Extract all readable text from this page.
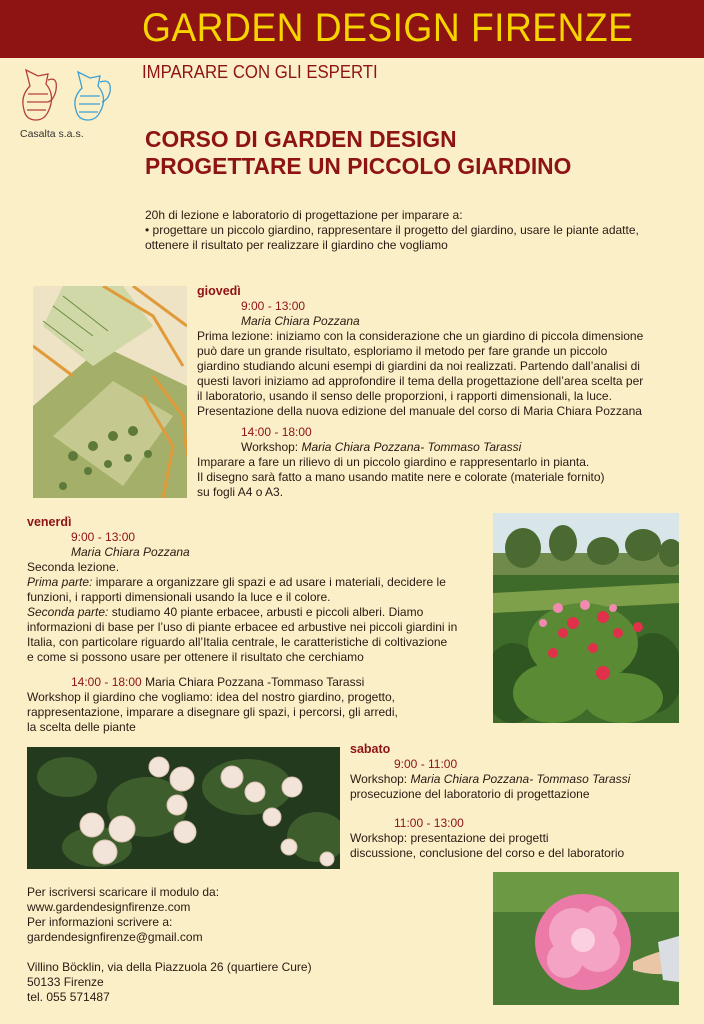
GARDEN DESIGN FIRENZE
IMPARARE CON GLI ESPERTI
Casalta s.a.s.	CORSO DI GARDEN DESIGN
PROGETTARE UN PICCOLO GIARDINO

20h di lezione e laboratorio di progettazione per imparare a:

• progettare un piccolo giardino, rappresentare il progetto del giardino, usare le piante adatte,

ottenere il risultato per realizzare il giardino che vogliamo

giovedì

9:00 - 13:00

Maria Chiara Pozzana

Prima lezione: iniziamo con la considerazione che un giardino di piccola dimensione

può dare un grande risultato, esploriamo il metodo per fare grande un piccolo

giardino studiando alcuni esempi di giardini da noi realizzati. Partendo dall’analisi di

questi lavori iniziamo ad approfondire il tema della progettazione dell’area scelta per

il laboratorio, usando il senso delle proporzioni, i rapporti dimensionali, la luce.

Presentazione della nuova edizione del manuale del corso di Maria Chiara Pozzana

14:00 - 18:00

Workshop: Maria Chiara Pozzana- Tommaso Tarassi

Imparare a fare un rilievo di un piccolo giardino e rappresentarlo in pianta.

Il disegno sarà fatto a mano usando matite nere e colorate (materiale fornito)

su fogli A4 o A3.

venerdì

9:00 - 13:00

Maria Chiara Pozzana

Seconda lezione.

Prima parte: imparare a organizzare gli spazi e ad usare i materiali, decidere le

funzioni, i rapporti dimensionali usando la luce e il colore.

Seconda parte: studiamo 40 piante erbacee, arbusti e piccoli alberi. Diamo

informazioni di base per l’uso di piante erbacee ed arbustive nei piccoli giardini in

Italia, con particolare riguardo all’Italia centrale, le caratteristiche di coltivazione

e come si possono usare per ottenere il risultato che cerchiamo

14:00 - 18:00 Maria Chiara Pozzana -Tommaso Tarassi

Workshop il giardino che vogliamo: idea del nostro giardino, progetto,

rappresentazione, imparare a disegnare gli spazi, i percorsi, gli arredi,

la scelta delle piante

sabato

9:00 - 11:00

Workshop: Maria Chiara Pozzana- Tommaso Tarassi

prosecuzione del laboratorio di progettazione

11:00 - 13:00

Workshop: presentazione dei progetti

discussione, conclusione del corso e del laboratorio

Per iscriversi scaricare il modulo da:

www.gardendesignfirenze.com

Per informazioni scrivere a:

gardendesignfirenze@gmail.com

Villino Böcklin, via della Piazzuola 26 (quartiere Cure)

50133 Firenze

tel. 055 571487
